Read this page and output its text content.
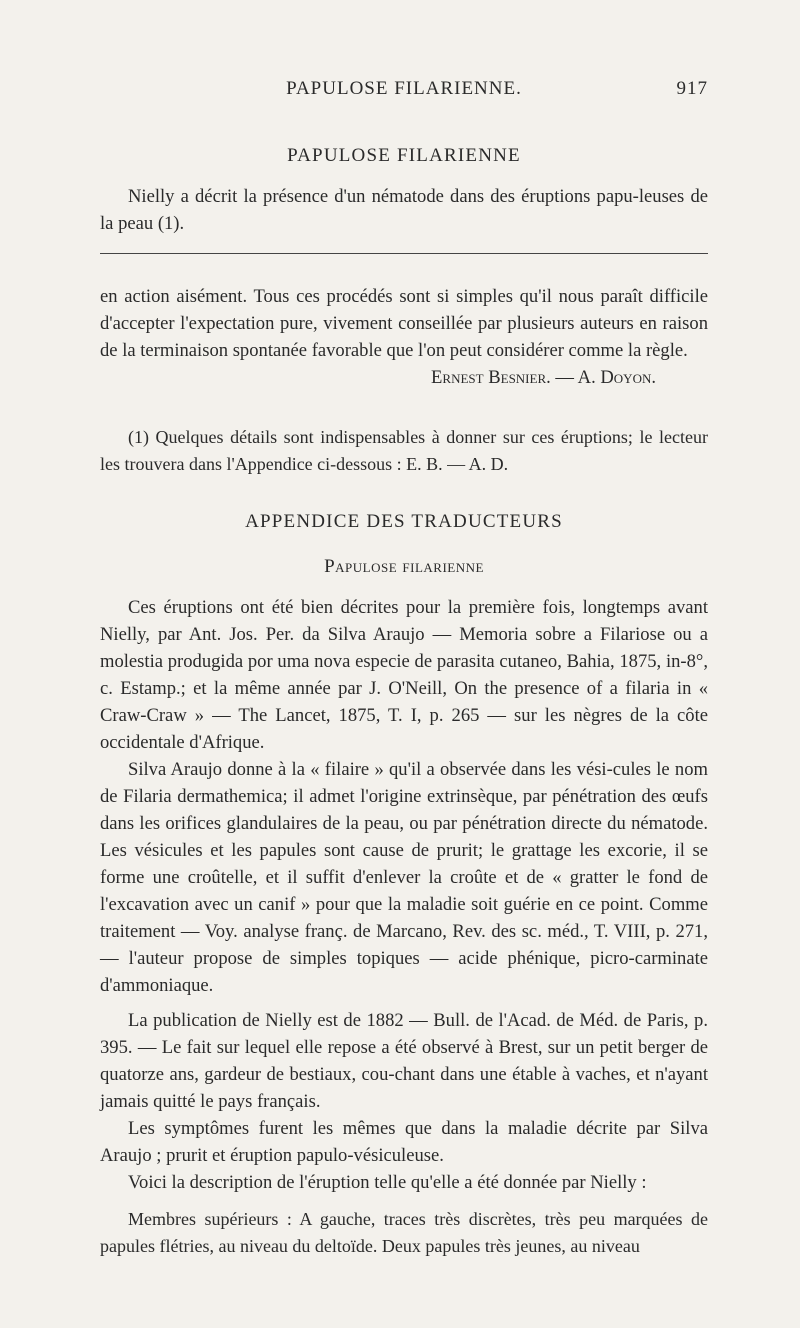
PAPULOSE FILARIENNE.	917

PAPULOSE FILARIENNE

Nielly a décrit la présence d'un nématode dans des éruptions papu-leuses de la peau (1).

en action aisément. Tous ces procédés sont si simples qu'il nous paraît difficile d'accepter l'expectation pure, vivement conseillée par plusieurs auteurs en raison de la terminaison spontanée favorable que l'on peut considérer comme la règle.

Ernest Besnier. — A. Doyon.

(1) Quelques détails sont indispensables à donner sur ces éruptions; le lecteur les trouvera dans l'Appendice ci-dessous : E. B. — A. D.

APPENDICE DES TRADUCTEURS

Papulose filarienne

Ces éruptions ont été bien décrites pour la première fois, longtemps avant Nielly, par Ant. Jos. Per. da Silva Araujo — Memoria sobre a Filariose ou a molestia produgida por uma nova especie de parasita cutaneo, Bahia, 1875, in-8°, c. Estamp.; et la même année par J. O'Neill, On the presence of a filaria in « Craw-Craw » — The Lancet, 1875, T. I, p. 265 — sur les nègres de la côte occidentale d'Afrique.

Silva Araujo donne à la « filaire » qu'il a observée dans les vési-cules le nom de Filaria dermathemica; il admet l'origine extrinsèque, par pénétration des œufs dans les orifices glandulaires de la peau, ou par pénétration directe du nématode. Les vésicules et les papules sont cause de prurit; le grattage les excorie, il se forme une croûtelle, et il suffit d'enlever la croûte et de « gratter le fond de l'excavation avec un canif » pour que la maladie soit guérie en ce point. Comme traitement — Voy. analyse franç. de Marcano, Rev. des sc. méd., T. VIII, p. 271, — l'auteur propose de simples topiques — acide phénique, picro-carminate d'ammoniaque.

La publication de Nielly est de 1882 — Bull. de l'Acad. de Méd. de Paris, p. 395. — Le fait sur lequel elle repose a été observé à Brest, sur un petit berger de quatorze ans, gardeur de bestiaux, cou-chant dans une étable à vaches, et n'ayant jamais quitté le pays français.

Les symptômes furent les mêmes que dans la maladie décrite par Silva Araujo ; prurit et éruption papulo-vésiculeuse.

Voici la description de l'éruption telle qu'elle a été donnée par Nielly :

Membres supérieurs : A gauche, traces très discrètes, très peu marquées de papules flétries, au niveau du deltoïde. Deux papules très jeunes, au niveau
